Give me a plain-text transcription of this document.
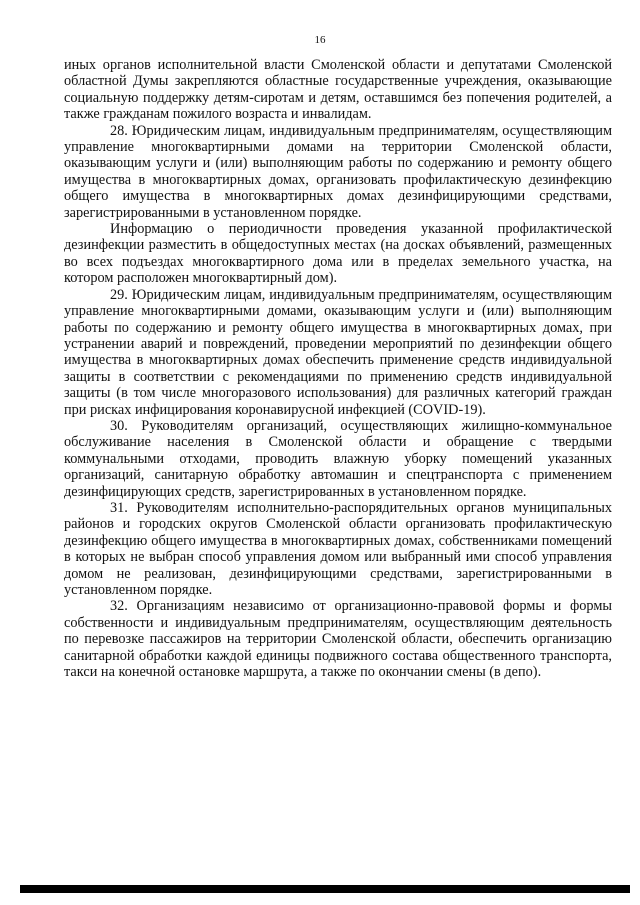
16

иных органов исполнительной власти Смоленской области и депутатами Смоленской областной Думы закрепляются областные государственные учреждения, оказывающие социальную поддержку детям-сиротам и детям, оставшимся без попечения родителей, а также гражданам пожилого возраста и инвалидам.

28. Юридическим лицам, индивидуальным предпринимателям, осуществляющим управление многоквартирными домами на территории Смоленской области, оказывающим услуги и (или) выполняющим работы по содержанию и ремонту общего имущества в многоквартирных домах, организовать профилактическую дезинфекцию общего имущества в многоквартирных домах дезинфицирующими средствами, зарегистрированными в установленном порядке.

Информацию о периодичности проведения указанной профилактической дезинфекции разместить в общедоступных местах (на досках объявлений, размещенных во всех подъездах многоквартирного дома или в пределах земельного участка, на котором расположен многоквартирный дом).

29. Юридическим лицам, индивидуальным предпринимателям, осуществляющим управление многоквартирными домами, оказывающим услуги и (или) выполняющим работы по содержанию и ремонту общего имущества в многоквартирных домах, при устранении аварий и повреждений, проведении мероприятий по дезинфекции общего имущества в многоквартирных домах обеспечить применение средств индивидуальной защиты в соответствии с рекомендациями по применению средств индивидуальной защиты (в том числе многоразового использования) для различных категорий граждан при рисках инфицирования коронавирусной инфекцией (COVID-19).

30. Руководителям организаций, осуществляющих жилищно-коммунальное обслуживание населения в Смоленской области и обращение с твердыми коммунальными отходами, проводить влажную уборку помещений указанных организаций, санитарную обработку автомашин и спецтранспорта с применением дезинфицирующих средств, зарегистрированных в установленном порядке.

31. Руководителям исполнительно-распорядительных органов муниципальных районов и городских округов Смоленской области организовать профилактическую дезинфекцию общего имущества в многоквартирных домах, собственниками помещений в которых не выбран способ управления домом или выбранный ими способ управления домом не реализован, дезинфицирующими средствами, зарегистрированными в установленном порядке.

32. Организациям независимо от организационно-правовой формы и формы собственности и индивидуальным предпринимателям, осуществляющим деятельность по перевозке пассажиров на территории Смоленской области, обеспечить организацию санитарной обработки каждой единицы подвижного состава общественного транспорта, такси на конечной остановке маршрута, а также по окончании смены (в депо).
